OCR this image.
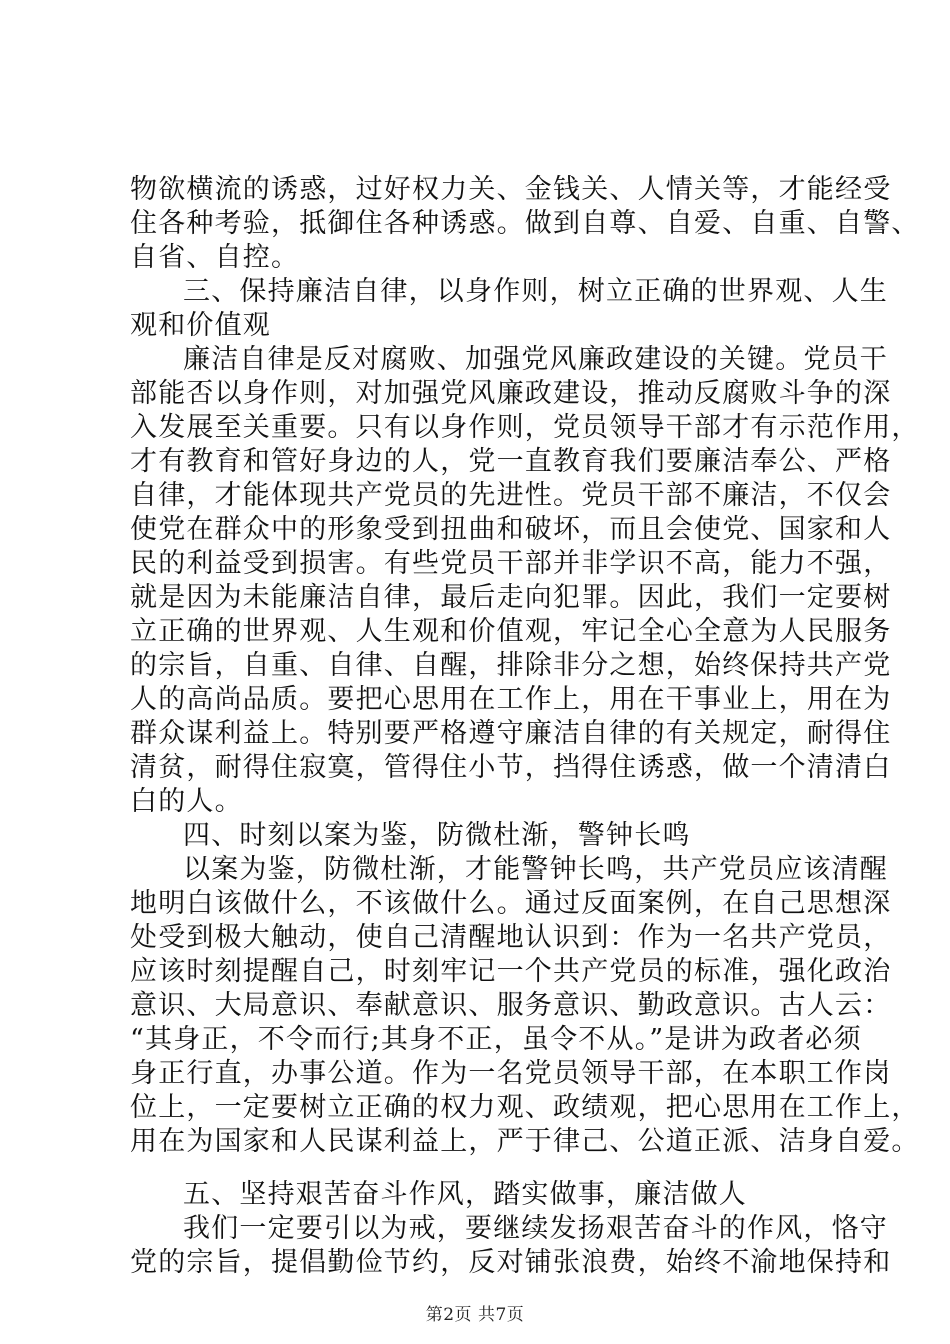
物欲横流的诱惑，过好权力关、金钱关、人情关等，才能经受
住各种考验，抵御住各种诱惑。做到自尊、自爱、自重、自警、
自省、自控。
三、保持廉洁自律，以身作则，树立正确的世界观、人生
观和价值观
廉洁自律是反对腐败、加强党风廉政建设的关键。党员干
部能否以身作则，对加强党风廉政建设，推动反腐败斗争的深
入发展至关重要。只有以身作则，党员领导干部才有示范作用，
才有教育和管好身边的人，党一直教育我们要廉洁奉公、严格
自律，才能体现共产党员的先进性。党员干部不廉洁，不仅会
使党在群众中的形象受到扭曲和破坏，而且会使党、国家和人
民的利益受到损害。有些党员干部并非学识不高，能力不强，
就是因为未能廉洁自律，最后走向犯罪。因此，我们一定要树
立正确的世界观、人生观和价值观，牢记全心全意为人民服务
的宗旨，自重、自律、自醒，排除非分之想，始终保持共产党
人的高尚品质。要把心思用在工作上，用在干事业上，用在为
群众谋利益上。特别要严格遵守廉洁自律的有关规定，耐得住
清贫，耐得住寂寞，管得住小节，挡得住诱惑，做一个清清白
白的人。
四、时刻以案为鉴，防微杜渐，警钟长鸣
以案为鉴，防微杜渐，才能警钟长鸣，共产党员应该清醒
地明白该做什么，不该做什么。通过反面案例，在自己思想深
处受到极大触动，使自己清醒地认识到：作为一名共产党员，
应该时刻提醒自己，时刻牢记一个共产党员的标准，强化政治
意识、大局意识、奉献意识、服务意识、勤政意识。古人云：
“其身正，不令而行;其身不正，虽令不从。”是讲为政者必须
身正行直，办事公道。作为一名党员领导干部，在本职工作岗
位上，一定要树立正确的权力观、政绩观，把心思用在工作上，
用在为国家和人民谋利益上，严于律己、公道正派、洁身自爱。
五、坚持艰苦奋斗作风，踏实做事，廉洁做人
我们一定要引以为戒，要继续发扬艰苦奋斗的作风，恪守
党的宗旨，提倡勤俭节约，反对铺张浪费，始终不渝地保持和
第2页 共7页
